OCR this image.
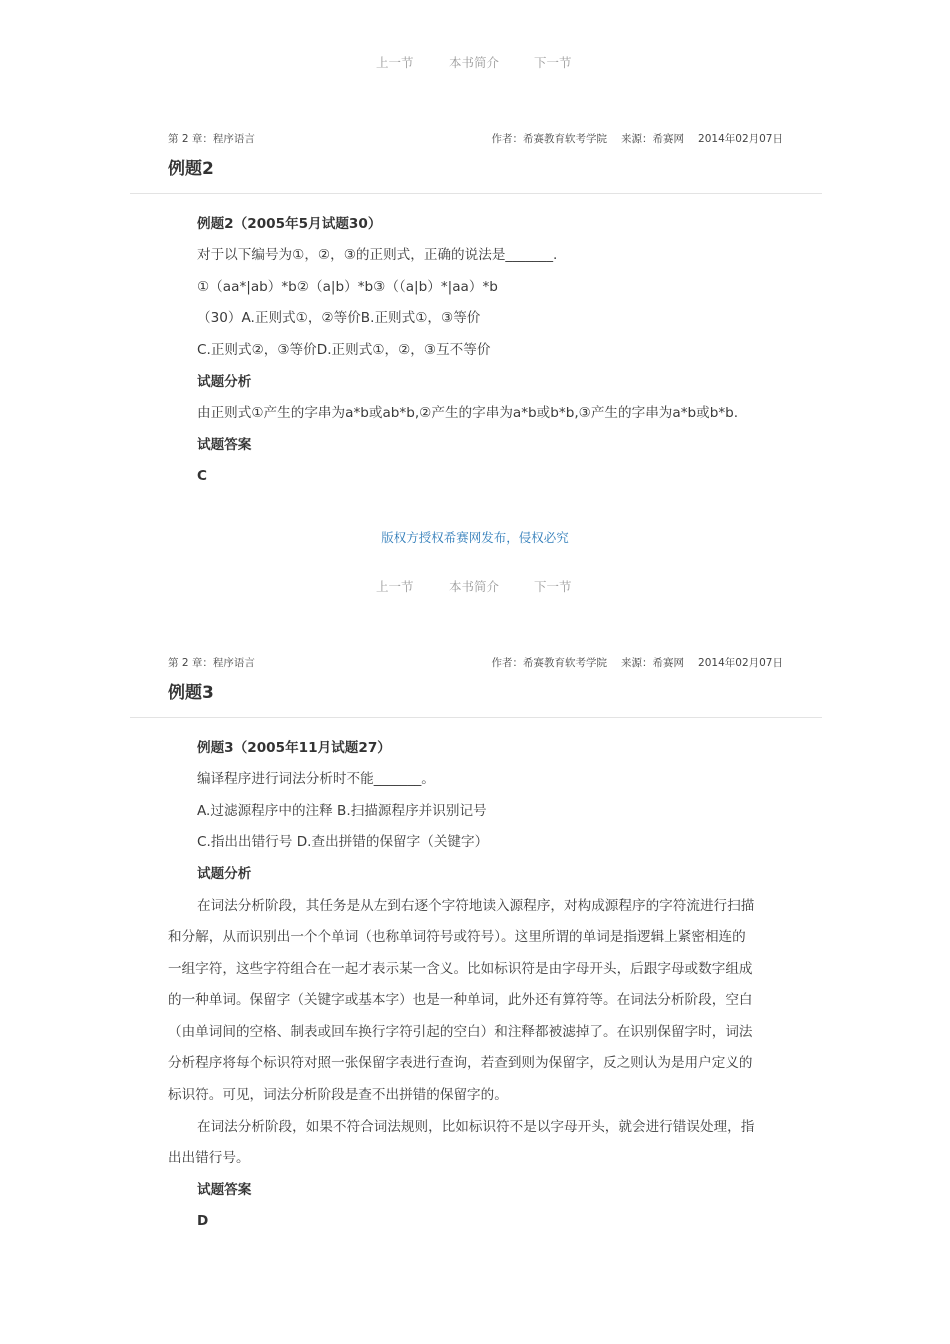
上一节	本书简介	下一节
第 2 章：程序语言	作者：希赛教育软考学院 来源：希赛网 2014年02月07日
例题2
例题2（2005年5月试题30）
对于以下编号为①，②，③的正则式，正确的说法是_______.
①（aa*|ab）*b②（a|b）*b③（（a|b）*|aa）*b
（30）A.正则式①，②等价B.正则式①，③等价
C.正则式②，③等价D.正则式①，②，③互不等价
试题分析
由正则式①产生的字串为a*b或ab*b,②产生的字串为a*b或b*b,③产生的字串为a*b或b*b.
试题答案
C
版权方授权希赛网发布，侵权必究
上一节	本书简介	下一节
第 2 章：程序语言	作者：希赛教育软考学院 来源：希赛网 2014年02月07日
例题3
例题3（2005年11月试题27）
编译程序进行词法分析时不能_______。
A.过滤源程序中的注释 B.扫描源程序并识别记号
C.指出出错行号 D.查出拼错的保留字（关键字）
试题分析
在词法分析阶段，其任务是从左到右逐个字符地读入源程序，对构成源程序的字符流进行扫描
和分解，从而识别出一个个单词（也称单词符号或符号）。这里所谓的单词是指逻辑上紧密相连的
一组字符，这些字符组合在一起才表示某一含义。比如标识符是由字母开头，后跟字母或数字组成
的一种单词。保留字（关键字或基本字）也是一种单词，此外还有算符等。在词法分析阶段，空白
（由单词间的空格、制表或回车换行字符引起的空白）和注释都被滤掉了。在识别保留字时，词法
分析程序将每个标识符对照一张保留字表进行查询，若查到则为保留字，反之则认为是用户定义的
标识符。可见，词法分析阶段是查不出拼错的保留字的。
在词法分析阶段，如果不符合词法规则，比如标识符不是以字母开头，就会进行错误处理，指
出出错行号。
试题答案
D
